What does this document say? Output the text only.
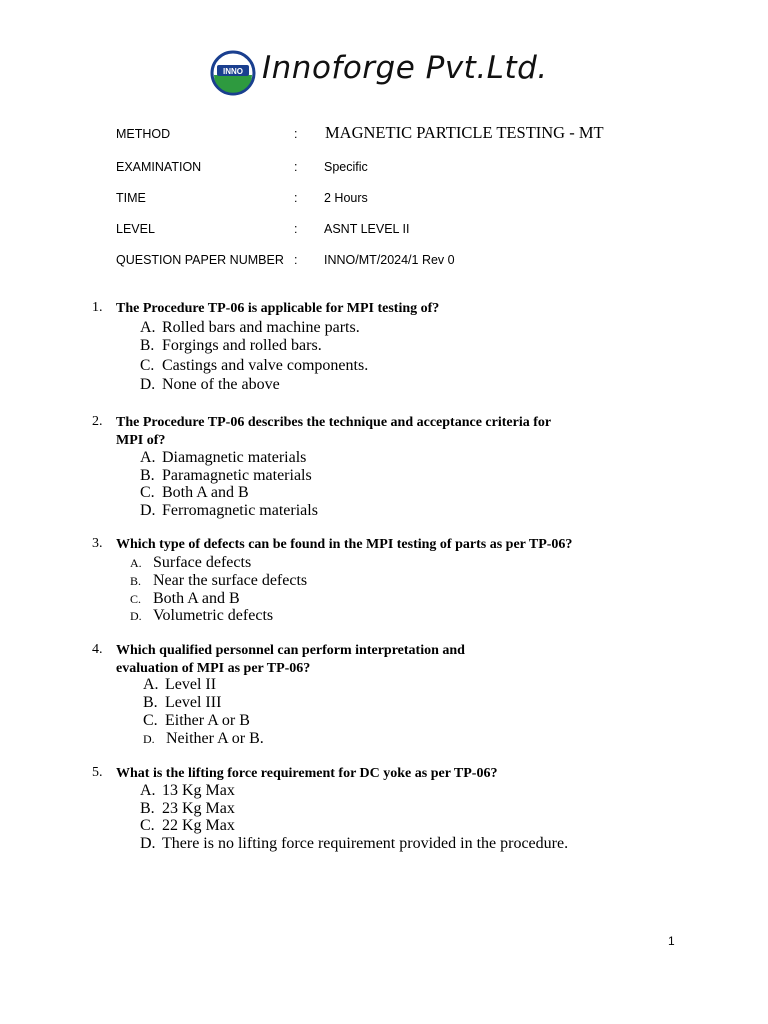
INNO Innoforge Pvt.Ltd.
METHOD	: MAGNETIC PARTICLE TESTING - MT
EXAMINATION	: Specific
TIME	: 2 Hours
LEVEL	: ASNT LEVEL II
QUESTION PAPER NUMBER : INNO/MT/2024/1 Rev 0
1. The Procedure TP-06 is applicable for MPI testing of?
A. Rolled bars and machine parts.
B. Forgings and rolled bars.
C. Castings and valve components.
D. None of the above
2. The Procedure TP-06 describes the technique and acceptance criteria for
MPI of?
A. Diamagnetic materials
B. Paramagnetic materials
C. Both A and B
D. Ferromagnetic materials
3. Which type of defects can be found in the MPI testing of parts as per TP-06?
A. Surface defects
B. Near the surface defects
C. Both A and B
D. Volumetric defects
4. Which qualified personnel can perform interpretation and
evaluation of MPI as per TP-06?
A. Level II
B. Level III
C. Either A or B
D. Neither A or B.
5. What is the lifting force requirement for DC yoke as per TP-06?
A. 13 Kg Max
B. 23 Kg Max
C. 22 Kg Max
D. There is no lifting force requirement provided in the procedure.
1
